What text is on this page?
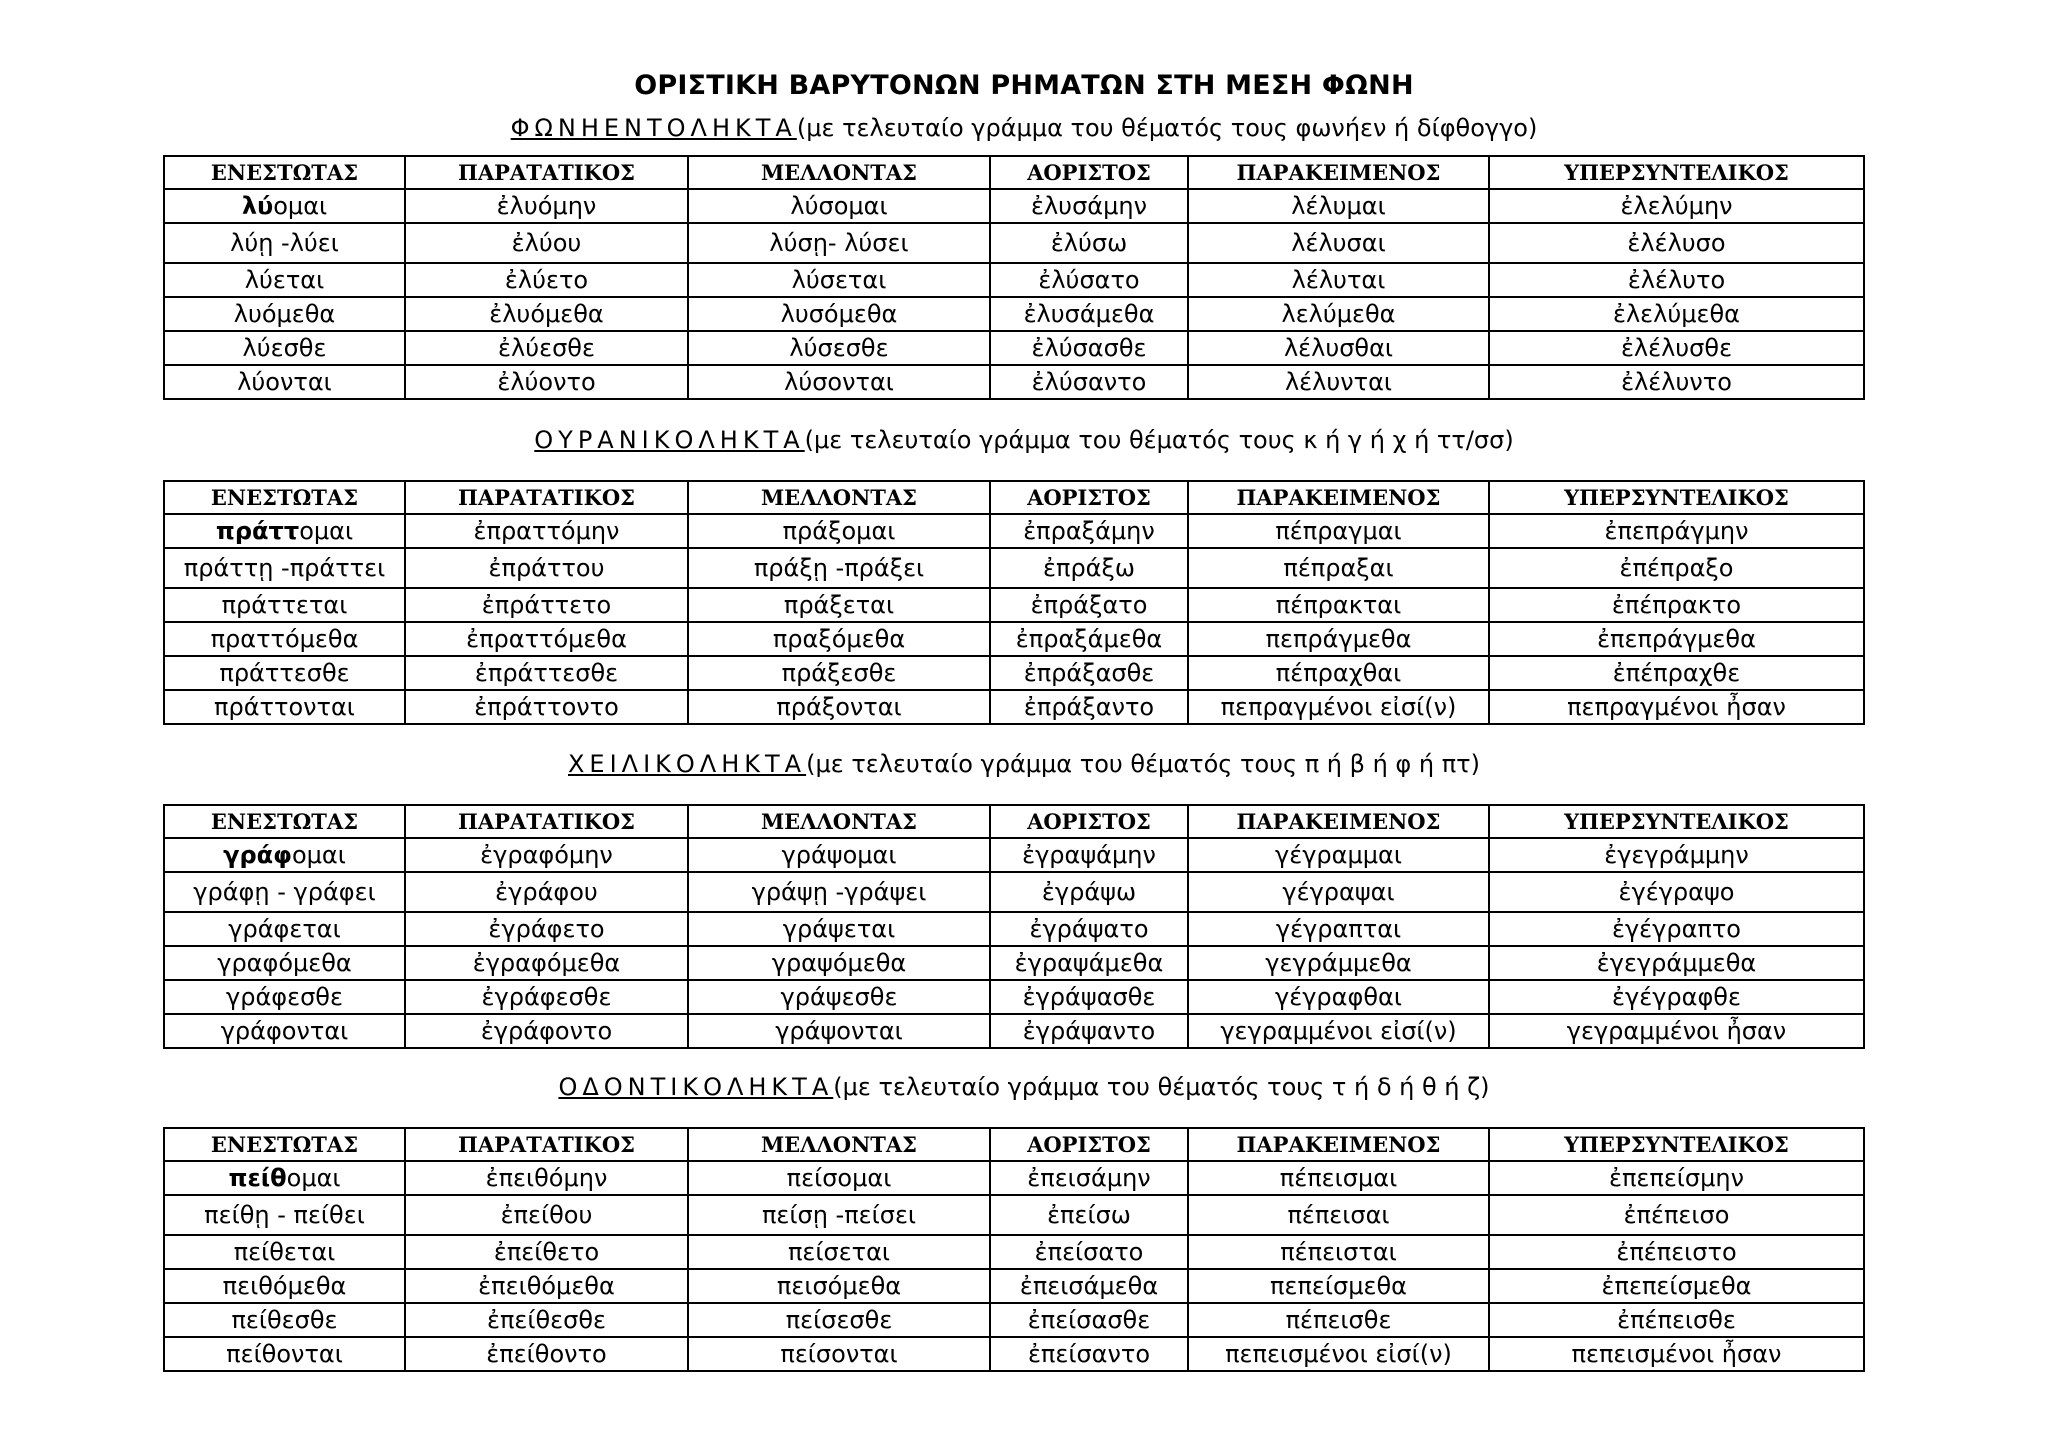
ΟΡΙΣΤΙΚΗ ΒΑΡΥΤΟΝΩΝ ΡΗΜΑΤΩΝ ΣΤΗ ΜΕΣΗ ΦΩΝΗ
ΦΩΝΗΕΝΤΟΛΗΚΤΑ(με τελευταίο γράμμα του θέματός τους φωνήεν ή δίφθογγο)
ΕΝΕΣΤΩΤΑΣ	ΠΑΡΑΤΑΤΙΚΟΣ	ΜΕΛΛΟΝΤΑΣ	ΑΟΡΙΣΤΟΣ	ΠΑΡΑΚΕΙΜΕΝΟΣ	ΥΠΕΡΣΥΝΤΕΛΙΚΟΣ
λύομαι	ἐλυόμην	λύσομαι	ἐλυσάμην	λέλυμαι	ἐλελύμην
λύῃ -λύει	ἐλύου	λύσῃ- λύσει	ἐλύσω	λέλυσαι	ἐλέλυσο
λύεται	ἐλύετο	λύσεται	ἐλύσατο	λέλυται	ἐλέλυτο
λυόμεθα	ἐλυόμεθα	λυσόμεθα	ἐλυσάμεθα	λελύμεθα	ἐλελύμεθα
λύεσθε	ἐλύεσθε	λύσεσθε	ἐλύσασθε	λέλυσθαι	ἐλέλυσθε
λύονται	ἐλύοντο	λύσονται	ἐλύσαντο	λέλυνται	ἐλέλυντο
ΟΥΡΑΝΙΚΟΛΗΚΤΑ(με τελευταίο γράμμα του θέματός τους κ ή γ ή χ ή ττ/σσ)
ΕΝΕΣΤΩΤΑΣ	ΠΑΡΑΤΑΤΙΚΟΣ	ΜΕΛΛΟΝΤΑΣ	ΑΟΡΙΣΤΟΣ	ΠΑΡΑΚΕΙΜΕΝΟΣ	ΥΠΕΡΣΥΝΤΕΛΙΚΟΣ
πράττομαι	ἐπραττόμην	πράξομαι	ἐπραξάμην	πέπραγμαι	ἐπεπράγμην
πράττῃ -πράττει	ἐπράττου	πράξῃ -πράξει	ἐπράξω	πέπραξαι	ἐπέπραξο
πράττεται	ἐπράττετο	πράξεται	ἐπράξατο	πέπρακται	ἐπέπρακτο
πραττόμεθα	ἐπραττόμεθα	πραξόμεθα	ἐπραξάμεθα	πεπράγμεθα	ἐπεπράγμεθα
πράττεσθε	ἐπράττεσθε	πράξεσθε	ἐπράξασθε	πέπραχθαι	ἐπέπραχθε
πράττονται	ἐπράττοντο	πράξονται	ἐπράξαντο	πεπραγμένοι εἰσί(ν)	πεπραγμένοι ἦσαν
ΧΕΙΛΙΚΟΛΗΚΤΑ(με τελευταίο γράμμα του θέματός τους π ή β ή φ ή πτ)
ΕΝΕΣΤΩΤΑΣ	ΠΑΡΑΤΑΤΙΚΟΣ	ΜΕΛΛΟΝΤΑΣ	ΑΟΡΙΣΤΟΣ	ΠΑΡΑΚΕΙΜΕΝΟΣ	ΥΠΕΡΣΥΝΤΕΛΙΚΟΣ
γράφομαι	ἐγραφόμην	γράψομαι	ἐγραψάμην	γέγραμμαι	ἐγεγράμμην
γράφῃ - γράφει	ἐγράφου	γράψῃ -γράψει	ἐγράψω	γέγραψαι	ἐγέγραψο
γράφεται	ἐγράφετο	γράψεται	ἐγράψατο	γέγραπται	ἐγέγραπτο
γραφόμεθα	ἐγραφόμεθα	γραψόμεθα	ἐγραψάμεθα	γεγράμμεθα	ἐγεγράμμεθα
γράφεσθε	ἐγράφεσθε	γράψεσθε	ἐγράψασθε	γέγραφθαι	ἐγέγραφθε
γράφονται	ἐγράφοντο	γράψονται	ἐγράψαντο	γεγραμμένοι εἰσί(ν)	γεγραμμένοι ἦσαν
ΟΔΟΝΤΙΚΟΛΗΚΤΑ(με τελευταίο γράμμα του θέματός τους τ ή δ ή θ ή ζ)
ΕΝΕΣΤΩΤΑΣ	ΠΑΡΑΤΑΤΙΚΟΣ	ΜΕΛΛΟΝΤΑΣ	ΑΟΡΙΣΤΟΣ	ΠΑΡΑΚΕΙΜΕΝΟΣ	ΥΠΕΡΣΥΝΤΕΛΙΚΟΣ
πείθομαι	ἐπειθόμην	πείσομαι	ἐπεισάμην	πέπεισμαι	ἐπεπείσμην
πείθῃ - πείθει	ἐπείθου	πείσῃ -πείσει	ἐπείσω	πέπεισαι	ἐπέπεισο
πείθεται	ἐπείθετο	πείσεται	ἐπείσατο	πέπεισται	ἐπέπειστο
πειθόμεθα	ἐπειθόμεθα	πεισόμεθα	ἐπεισάμεθα	πεπείσμεθα	ἐπεπείσμεθα
πείθεσθε	ἐπείθεσθε	πείσεσθε	ἐπείσασθε	πέπεισθε	ἐπέπεισθε
πείθονται	ἐπείθοντο	πείσονται	ἐπείσαντο	πεπεισμένοι εἰσί(ν)	πεπεισμένοι ἦσαν
